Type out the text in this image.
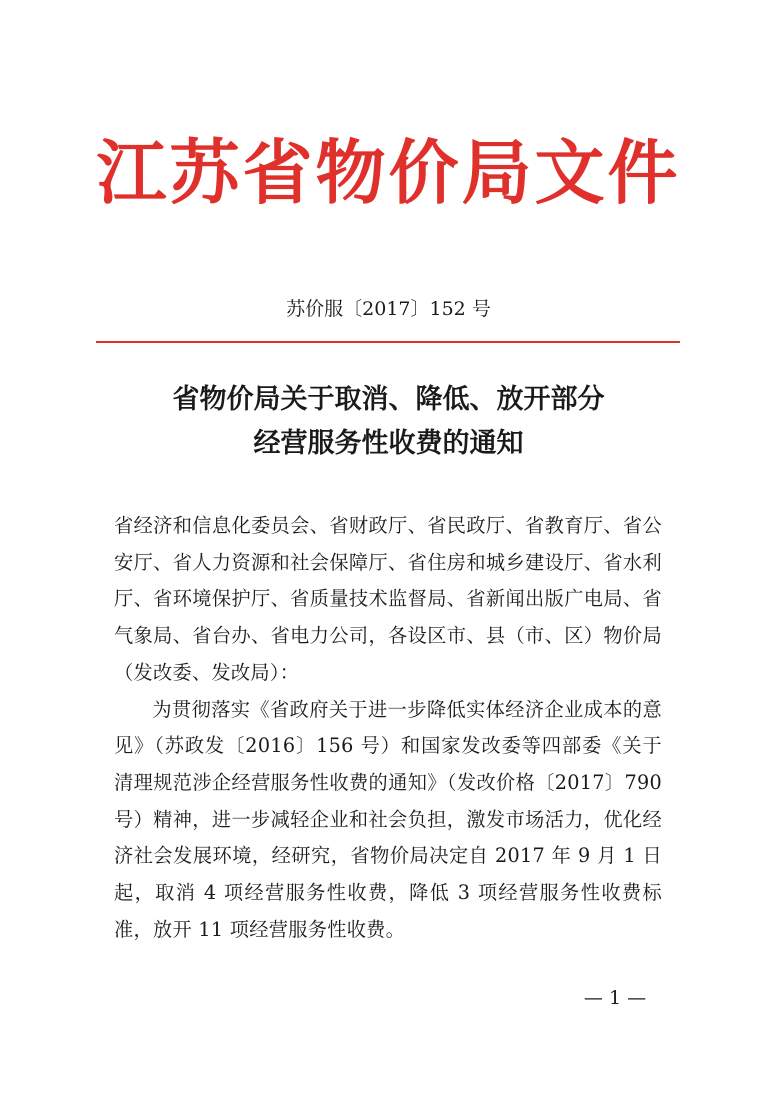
江苏省物价局文件
苏价服〔2017〕152 号
省物价局关于取消、降低、放开部分
经营服务性收费的通知

省经济和信息化委员会、省财政厅、省民政厅、省教育厅、省公安厅、省人力资源和社会保障厅、省住房和城乡建设厅、省水利厅、省环境保护厅、省质量技术监督局、省新闻出版广电局、省气象局、省台办、省电力公司，各设区市、县（市、区）物价局（发改委、发改局）：

为贯彻落实《省政府关于进一步降低实体经济企业成本的意见》（苏政发〔2016〕156 号）和国家发改委等四部委《关于清理规范涉企经营服务性收费的通知》（发改价格〔2017〕790 号）精神，进一步减轻企业和社会负担，激发市场活力，优化经济社会发展环境，经研究，省物价局决定自 2017 年 9 月 1 日起，取消 4 项经营服务性收费，降低 3 项经营服务性收费标准，放开 11 项经营服务性收费。

— 1 —
